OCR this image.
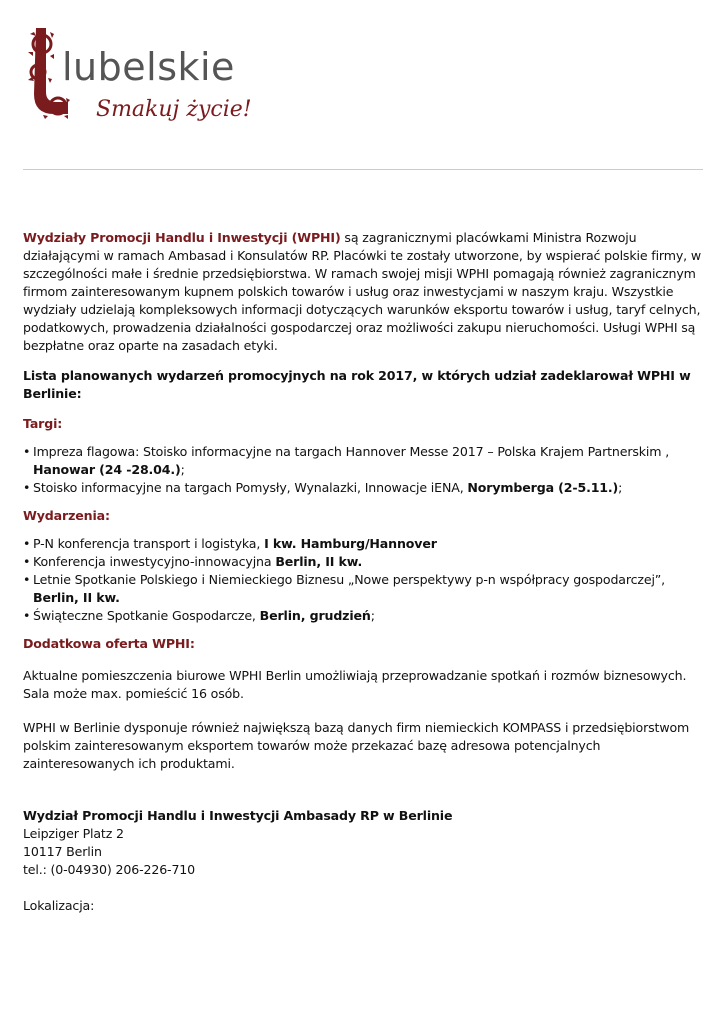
lubelskie
Smakuj życie!

Wydziały Promocji Handlu i Inwestycji (WPHI) są zagranicznymi placówkami Ministra Rozwoju działającymi w ramach Ambasad i Konsulatów RP. Placówki te zostały utworzone, by wspierać polskie firmy, w szczególności małe i średnie przedsiębiorstwa. W ramach swojej misji WPHI pomagają również zagranicznym firmom zainteresowanym kupnem polskich towarów i usług oraz inwestycjami w naszym kraju. Wszystkie wydziały udzielają kompleksowych informacji dotyczących warunków eksportu towarów i usług, taryf celnych, podatkowych, prowadzenia działalności gospodarczej oraz możliwości zakupu nieruchomości. Usługi WPHI są bezpłatne oraz oparte na zasadach etyki.

Lista planowanych wydarzeń promocyjnych na rok 2017, w których udział zadeklarował WPHI w Berlinie:

Targi:

• Impreza flagowa: Stoisko informacyjne na targach Hannover Messe 2017 – Polska Krajem Partnerskim , Hanowar (24 -28.04.);
• Stoisko informacyjne na targach Pomysły, Wynalazki, Innowacje iENA, Norymberga (2-5.11.);

Wydarzenia:

• P-N konferencja transport i logistyka, I kw. Hamburg/Hannover
• Konferencja inwestycyjno-innowacyjna Berlin, II kw.
• Letnie Spotkanie Polskiego i Niemieckiego Biznesu „Nowe perspektywy p-n współpracy gospodarczej”, Berlin, II kw.
• Świąteczne Spotkanie Gospodarcze, Berlin, grudzień;

Dodatkowa oferta WPHI:

Aktualne pomieszczenia biurowe WPHI Berlin umożliwiają przeprowadzanie spotkań i rozmów biznesowych. Sala może max. pomieścić 16 osób.

WPHI w Berlinie dysponuje również największą bazą danych firm niemieckich KOMPASS i przedsiębiorstwom polskim zainteresowanym eksportem towarów może przekazać bazę adresowa potencjalnych zainteresowanych ich produktami.

Wydział Promocji Handlu i Inwestycji Ambasady RP w Berlinie

Leipziger Platz 2

10117 Berlin

tel.: (0-04930) 206-226-710

Lokalizacja:
